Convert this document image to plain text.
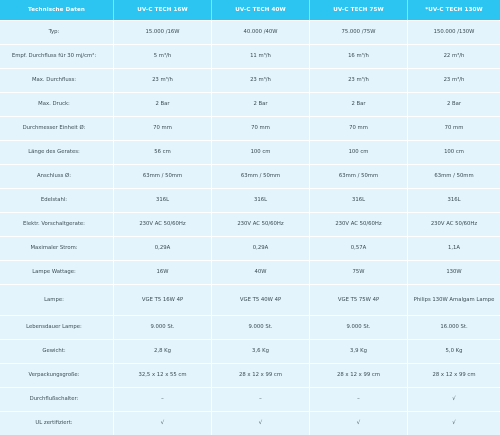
Technische Daten	UV-C TECH 16W	UV-C TECH 40W	UV-C TECH 75W	*UV-C TECH 130W
Typ:	15.000 /16W	40.000 /40W	75.000 /75W	150.000 /130W
Empf. Durchfluss für 30 mj/cm²:	5 m³/h	11 m³/h	16 m³/h	22 m³/h
Max. Durchfluss:	23 m³/h	23 m³/h	23 m³/h	23 m³/h
Max. Druck:	2 Bar	2 Bar	2 Bar	2 Bar
Durchmesser Einheit Ø:	70 mm	70 mm	70 mm	70 mm
Länge des Gerates:	56 cm	100 cm	100 cm	100 cm
Anschluss Ø:	63mm / 50mm	63mm / 50mm	63mm / 50mm	63mm / 50mm
Edelstahl:	316L	316L	316L	316L
Elektr. Vorschaltgerate:	230V AC 50/60Hz	230V AC 50/60Hz	230V AC 50/60Hz	230V AC 50/60Hz
Maximaler Strom:	0,29A	0,29A	0,57A	1,1A
Lampe Wattage:	16W	40W	75W	130W
Lampe:	VGE T5 16W 4P	VGE T5 40W 4P	VGE T5 75W 4P	Philips 130W Amalgam Lampe
Lebensdauer Lampe:	9.000 St.	9.000 St.	9.000 St.	16.000 St.
Gewicht:	2,8 Kg	3,6 Kg	3,9 Kg	5,0 Kg
Verpackungsgroße:	32,5 x 12 x 55 cm	28 x 12 x 99 cm	28 x 12 x 99 cm	28 x 12 x 99 cm
Durchflußschalter:	–	–	–	√
UL zertifiziert:	√	√	√	√
